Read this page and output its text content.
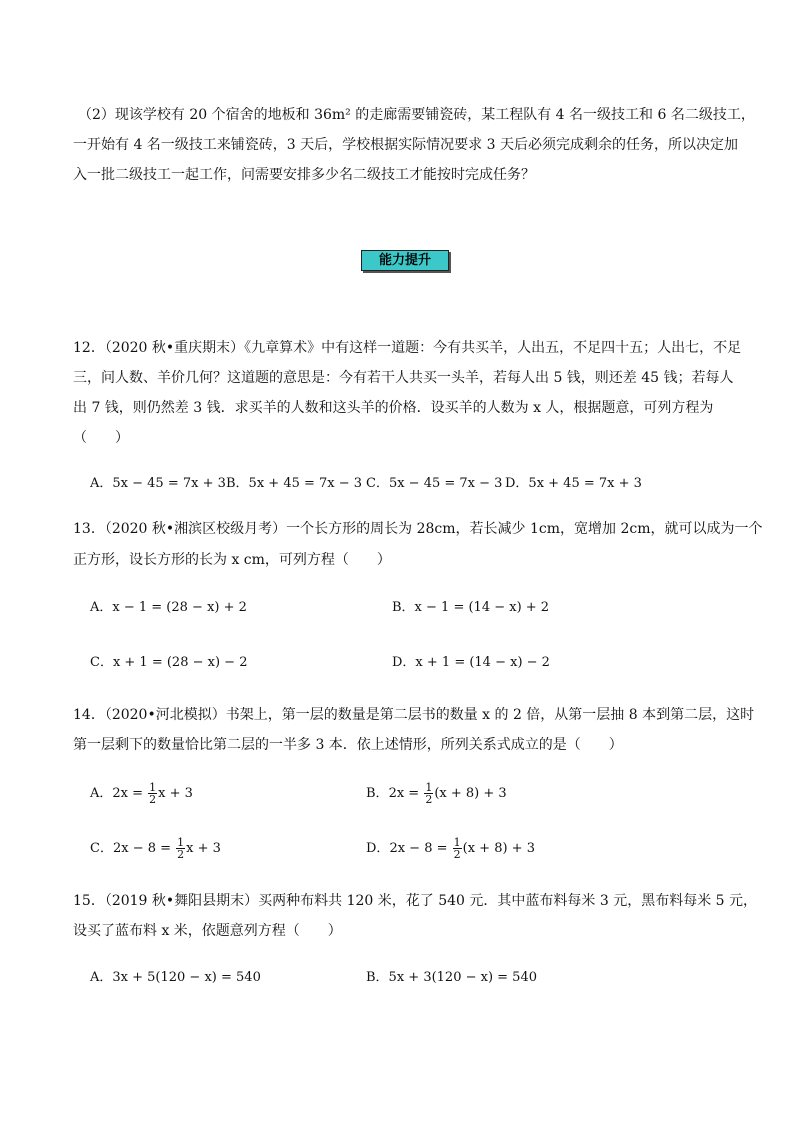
（2）现该学校有 20 个宿舍的地板和 36m² 的走廊需要铺瓷砖，某工程队有 4 名一级技工和 6 名二级技工，
一开始有 4 名一级技工来铺瓷砖，3 天后，学校根据实际情况要求 3 天后必须完成剩余的任务，所以决定加
入一批二级技工一起工作，问需要安排多少名二级技工才能按时完成任务？
能力提升
12．（2020 秋•重庆期末）《九章算术》中有这样一道题：今有共买羊，人出五，不足四十五；人出七，不足
三，问人数、羊价几何？这道题的意思是：今有若干人共买一头羊，若每人出 5 钱，则还差 45 钱；若每人
出 7 钱，则仍然差 3 钱．求买羊的人数和这头羊的价格．设买羊的人数为 x 人，根据题意，可列方程为
（　　）
A．5x − 45 = 7x + 3 B．5x + 45 = 7x − 3 C．5x − 45 = 7x − 3 D．5x + 45 = 7x + 3
13．（2020 秋•湘滨区校级月考）一个长方形的周长为 28cm，若长减少 1cm，宽增加 2cm，就可以成为一个
正方形，设长方形的长为 x cm，可列方程（　　）
A．x − 1 = (28 − x) + 2	B．x − 1 = (14 − x) + 2
C．x + 1 = (28 − x) − 2	D．x + 1 = (14 − x) − 2
14．（2020•河北模拟）书架上，第一层的数量是第二层书的数量 x 的 2 倍，从第一层抽 8 本到第二层，这时
第一层剩下的数量恰比第二层的一半多 3 本．依上述情形，所列关系式成立的是（　　）
A．$2x = \frac{1}{2}$ x + 3	B．$2x = \frac{1}{2} (x + 8) + 3$
C．$2x - 8 = \frac{1}{2}$ x + 3	D．$2x - 8 = \frac{1}{2} (x + 8) + 3$
15．（2019 秋•舞阳县期末）买两种布料共 120 米，花了 540 元．其中蓝布料每米 3 元，黑布料每米 5 元，
设买了蓝布料 x 米，依题意列方程（　　）
A．3x + 5(120 − x) = 540	B．5x + 3(120 − x) = 540
